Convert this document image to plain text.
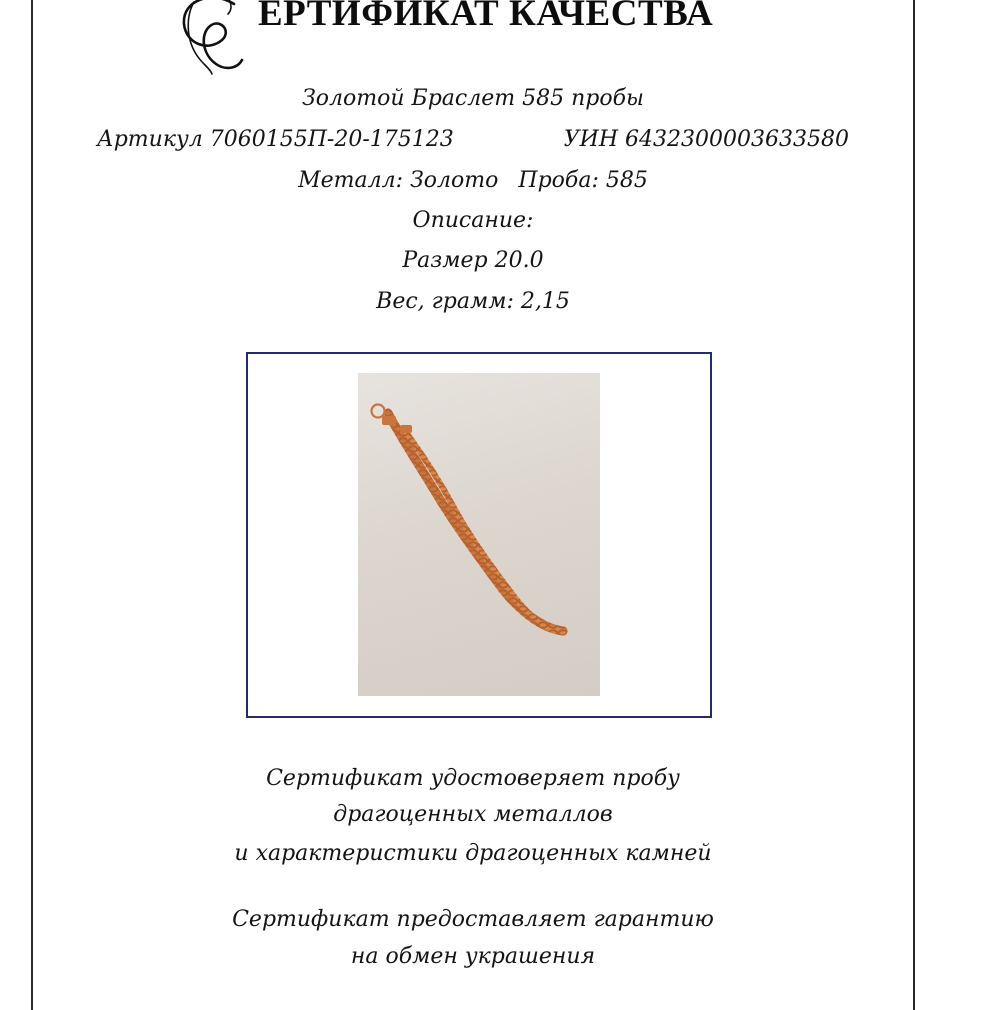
ЕРТИФИКАТ КАЧЕСТВА
Золотой Браслет 585 пробы
Артикул 7060155П-20-175123	УИН 6432300003633580
Металл: Золото Проба: 585
Описание:
Размер 20.0
Вес, грамм: 2,15
Сертификат удостоверяет пробу
драгоценных металлов
и характеристики драгоценных камней
Сертификат предоставляет гарантию
на обмен украшения
